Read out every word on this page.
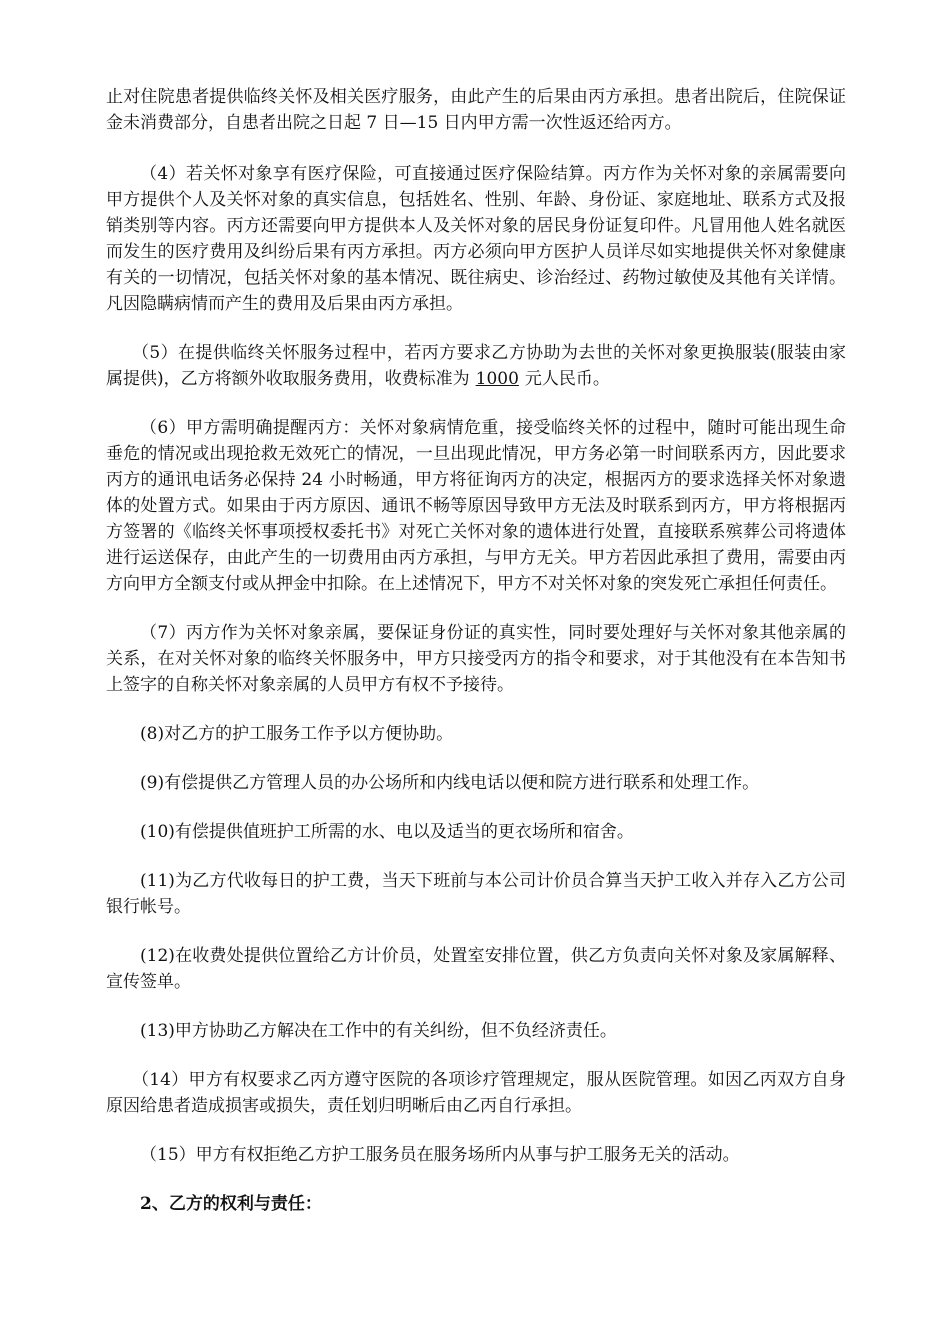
止对住院患者提供临终关怀及相关医疗服务，由此产生的后果由丙方承担。患者出院后，住院保证金未消费部分，自患者出院之日起 7 日—15 日内甲方需一次性返还给丙方。

（4）若关怀对象享有医疗保险，可直接通过医疗保险结算。丙方作为关怀对象的亲属需要向甲方提供个人及关怀对象的真实信息，包括姓名、性别、年龄、身份证、家庭地址、联系方式及报销类别等内容。丙方还需要向甲方提供本人及关怀对象的居民身份证复印件。凡冒用他人姓名就医而发生的医疗费用及纠纷后果有丙方承担。丙方必须向甲方医护人员详尽如实地提供关怀对象健康有关的一切情况，包括关怀对象的基本情况、既往病史、诊治经过、药物过敏使及其他有关详情。凡因隐瞒病情而产生的费用及后果由丙方承担。

（5）在提供临终关怀服务过程中，若丙方要求乙方协助为去世的关怀对象更换服装(服装由家属提供)，乙方将额外收取服务费用，收费标准为 1000 元人民币。

（6）甲方需明确提醒丙方：关怀对象病情危重，接受临终关怀的过程中，随时可能出现生命垂危的情况或出现抢救无效死亡的情况，一旦出现此情况，甲方务必第一时间联系丙方，因此要求丙方的通讯电话务必保持 24 小时畅通，甲方将征询丙方的决定，根据丙方的要求选择关怀对象遗体的处置方式。如果由于丙方原因、通讯不畅等原因导致甲方无法及时联系到丙方，甲方将根据丙方签署的《临终关怀事项授权委托书》对死亡关怀对象的遗体进行处置，直接联系殡葬公司将遗体进行运送保存，由此产生的一切费用由丙方承担，与甲方无关。甲方若因此承担了费用，需要由丙方向甲方全额支付或从押金中扣除。在上述情况下，甲方不对关怀对象的突发死亡承担任何责任。

（7）丙方作为关怀对象亲属，要保证身份证的真实性，同时要处理好与关怀对象其他亲属的关系，在对关怀对象的临终关怀服务中，甲方只接受丙方的指令和要求，对于其他没有在本告知书上签字的自称关怀对象亲属的人员甲方有权不予接待。

(8)对乙方的护工服务工作予以方便协助。

(9)有偿提供乙方管理人员的办公场所和内线电话以便和院方进行联系和处理工作。

(10)有偿提供值班护工所需的水、电以及适当的更衣场所和宿舍。

(11)为乙方代收每日的护工费，当天下班前与本公司计价员合算当天护工收入并存入乙方公司银行帐号。

(12)在收费处提供位置给乙方计价员，处置室安排位置，供乙方负责向关怀对象及家属解释、宣传签单。

(13)甲方协助乙方解决在工作中的有关纠纷，但不负经济责任。

（14）甲方有权要求乙丙方遵守医院的各项诊疗管理规定，服从医院管理。如因乙丙双方自身原因给患者造成损害或损失，责任划归明晰后由乙丙自行承担。

（15）甲方有权拒绝乙方护工服务员在服务场所内从事与护工服务无关的活动。

2、乙方的权利与责任：
